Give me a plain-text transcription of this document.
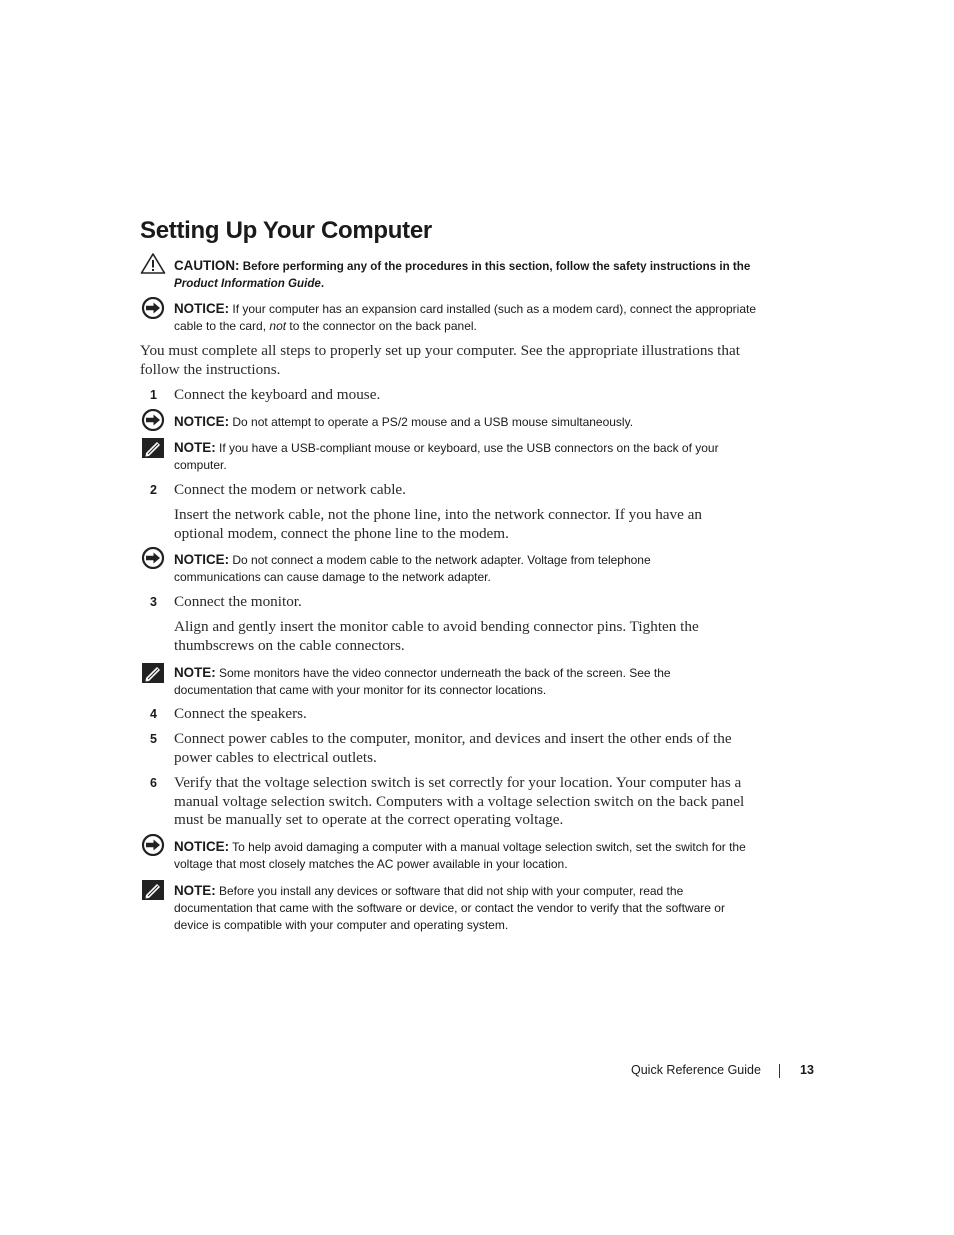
Setting Up Your Computer
CAUTION: Before performing any of the procedures in this section, follow the safety instructions in the Product Information Guide.
NOTICE: If your computer has an expansion card installed (such as a modem card), connect the appropriate cable to the card, not to the connector on the back panel.
You must complete all steps to properly set up your computer. See the appropriate illustrations that follow the instructions.
1 Connect the keyboard and mouse.
NOTICE: Do not attempt to operate a PS/2 mouse and a USB mouse simultaneously.
NOTE: If you have a USB-compliant mouse or keyboard, use the USB connectors on the back of your computer.
2 Connect the modem or network cable.
Insert the network cable, not the phone line, into the network connector. If you have an optional modem, connect the phone line to the modem.
NOTICE: Do not connect a modem cable to the network adapter. Voltage from telephone communications can cause damage to the network adapter.
3 Connect the monitor.
Align and gently insert the monitor cable to avoid bending connector pins. Tighten the thumbscrews on the cable connectors.
NOTE: Some monitors have the video connector underneath the back of the screen. See the documentation that came with your monitor for its connector locations.
4 Connect the speakers.
5 Connect power cables to the computer, monitor, and devices and insert the other ends of the power cables to electrical outlets.
6 Verify that the voltage selection switch is set correctly for your location. Your computer has a manual voltage selection switch. Computers with a voltage selection switch on the back panel must be manually set to operate at the correct operating voltage.
NOTICE: To help avoid damaging a computer with a manual voltage selection switch, set the switch for the voltage that most closely matches the AC power available in your location.
NOTE: Before you install any devices or software that did not ship with your computer, read the documentation that came with the software or device, or contact the vendor to verify that the software or device is compatible with your computer and operating system.
Quick Reference Guide	13
